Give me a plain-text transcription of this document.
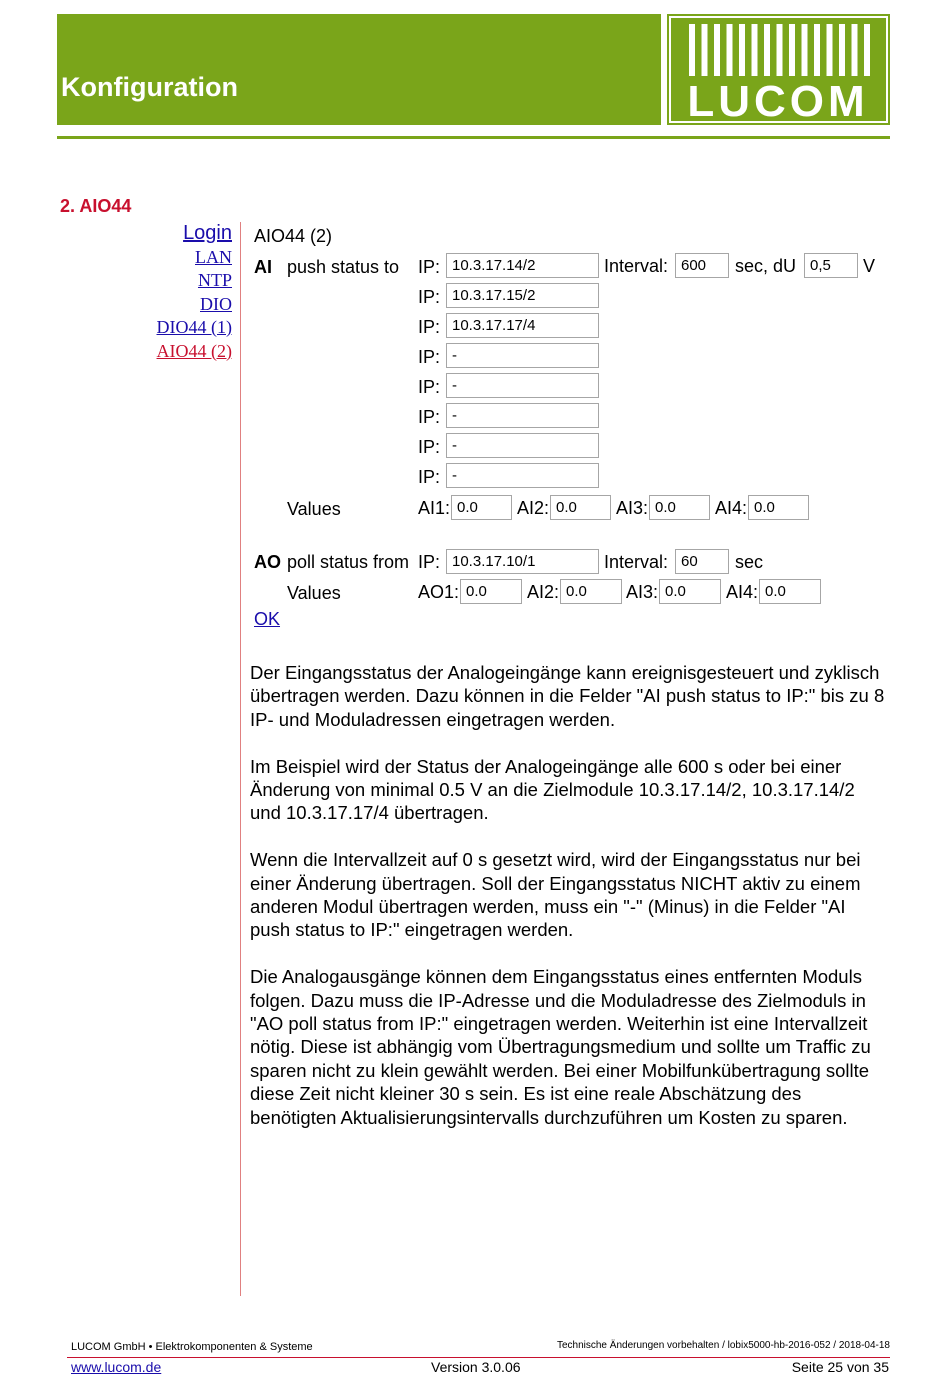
Konfiguration	LUCOM
2. AIO44
Login
LAN
NTP
DIO
DIO44 (1)
AIO44 (2)
AIO44 (2)
AI push status to IP: 10.3.17.14/2	Interval: 600	sec, dU 0,5	V
IP: 10.3.17.15/2
IP: 10.3.17.17/4
IP: -
IP: -
IP: -
IP: -
IP: -
Values	AI1: 0.0	AI2: 0.0	AI3: 0.0	AI4: 0.0
AO poll status from IP: 10.3.17.10/1	Interval: 60	sec
Values	AO1: 0.0	AI2: 0.0	AI3: 0.0	AI4: 0.0
OK

Der Eingangsstatus der Analogeingänge kann ereignisgesteuert und zyklisch übertragen werden. Dazu können in die Felder "AI push status to IP:" bis zu 8 IP- und Moduladressen eingetragen werden.

Im Beispiel wird der Status der Analogeingänge alle 600 s oder bei einer Änderung von minimal 0.5 V an die Zielmodule 10.3.17.14/2, 10.3.17.14/2 und 10.3.17.17/4 übertragen.

Wenn die Intervallzeit auf 0 s gesetzt wird, wird der Eingangsstatus nur bei einer Änderung übertragen. Soll der Eingangsstatus NICHT aktiv zu einem anderen Modul übertragen werden, muss ein "-" (Minus) in die Felder "AI push status to IP:" eingetragen werden.

Die Analogausgänge können dem Eingangsstatus eines entfernten Moduls folgen. Dazu muss die IP-Adresse und die Moduladresse des Zielmoduls in "AO poll status from IP:" eingetragen werden. Weiterhin ist eine Intervallzeit nötig. Diese ist abhängig vom Übertragungsmedium und sollte um Traffic zu sparen nicht zu klein gewählt werden. Bei einer Mobilfunkübertragung sollte diese Zeit nicht kleiner 30 s sein. Es ist eine reale Abschätzung des benötigten Aktualisierungsintervalls durchzuführen um Kosten zu sparen.

LUCOM GmbH • Elektrokomponenten & Systeme	Technische Änderungen vorbehalten / lobix5000-hb-2016-052 / 2018-04-18
www.lucom.de	Version 3.0.06	Seite 25 von 35
